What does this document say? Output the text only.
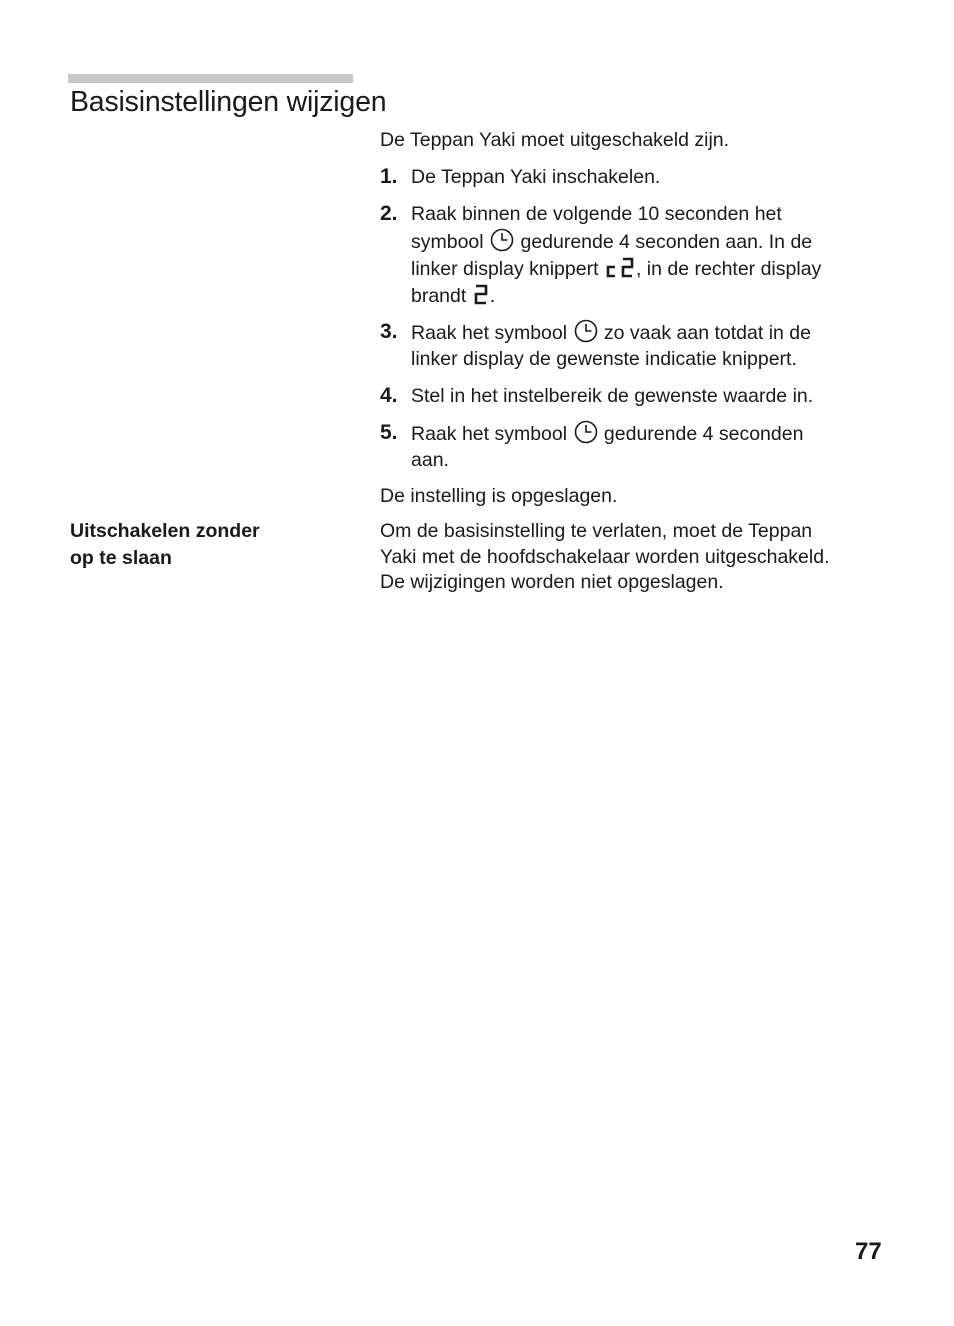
Basisinstellingen wijzigen
De Teppan Yaki moet uitgeschakeld zijn.
1. De Teppan Yaki inschakelen.
2. Raak binnen de volgende 10 seconden het
symbool gedurende 4 seconden aan. In de
linker display knippert , in de rechter display
brandt .
3. Raak het symbool zo vaak aan totdat in de
linker display de gewenste indicatie knippert.
4. Stel in het instelbereik de gewenste waarde in.
5. Raak het symbool gedurende 4 seconden
aan.
De instelling is opgeslagen.
Om de basisinstelling te verlaten, moet de Teppan
Yaki met de hoofdschakelaar worden uitgeschakeld.
De wijzigingen worden niet opgeslagen.
Uitschakelen zonder
op te slaan
77
